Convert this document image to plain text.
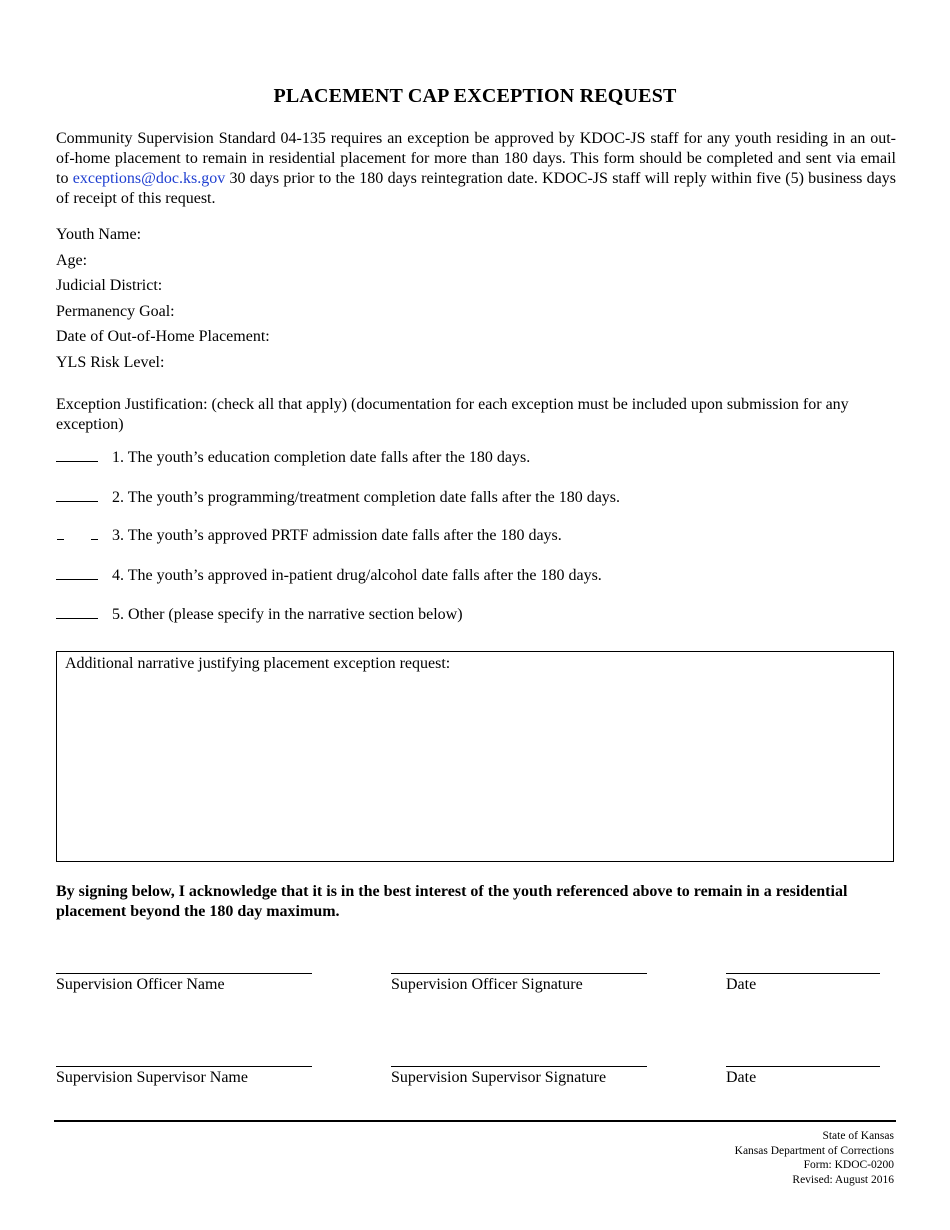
PLACEMENT CAP EXCEPTION REQUEST
Community Supervision Standard 04-135 requires an exception be approved by KDOC-JS staff for any youth residing in an out-of-home placement to remain in residential placement for more than 180 days. This form should be completed and sent via email to exceptions@doc.ks.gov 30 days prior to the 180 days reintegration date. KDOC-JS staff will reply within five (5) business days of receipt of this request.
Youth Name:
Age:
Judicial District:
Permanency Goal:
Date of Out-of-Home Placement:
YLS Risk Level:
Exception Justification: (check all that apply) (documentation for each exception must be included upon submission for any exception)
1. The youth’s education completion date falls after the 180 days.
2. The youth’s programming/treatment completion date falls after the 180 days.
3. The youth’s approved PRTF admission date falls after the 180 days.
4. The youth’s approved in-patient drug/alcohol date falls after the 180 days.
5. Other (please specify in the narrative section below)
Additional narrative justifying placement exception request:
By signing below, I acknowledge that it is in the best interest of the youth referenced above to remain in a residential placement beyond the 180 day maximum.
Supervision Officer Name	Supervision Officer Signature	Date
Supervision Supervisor Name	Supervision Supervisor Signature	Date
State of Kansas
Kansas Department of Corrections
Form: KDOC-0200
Revised: August 2016
